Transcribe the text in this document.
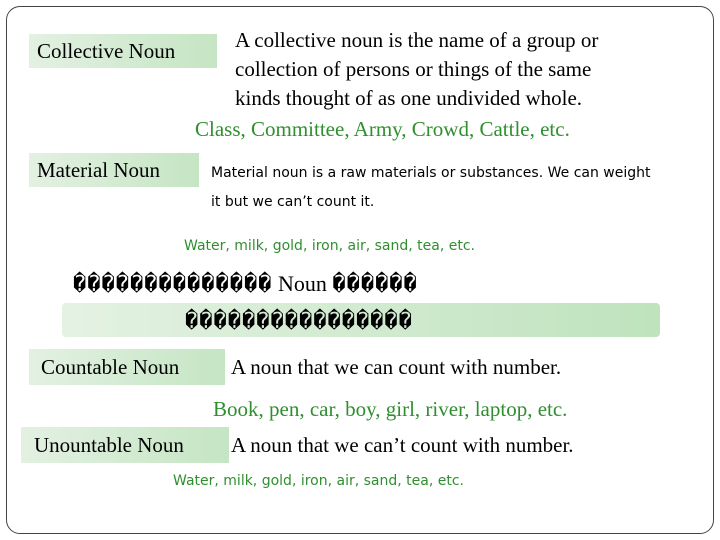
Collective Noun	A collective noun is the name of a group or
collection of persons or things of the same
kinds thought of as one undivided whole.
Class, Committee, Army, Crowd, Cattle, etc.
Material Noun	Material noun is a raw materials or substances. We can weight
it but we can’t count it.
Water, milk, gold, iron, air, sand, tea, etc.
�������������� Noun ������
����������������
Countable Noun A noun that we can count with number.
Book, pen, car, boy, girl, river, laptop, etc.
Unountable Noun A noun that we can’t count with number.
Water, milk, gold, iron, air, sand, tea, etc.
